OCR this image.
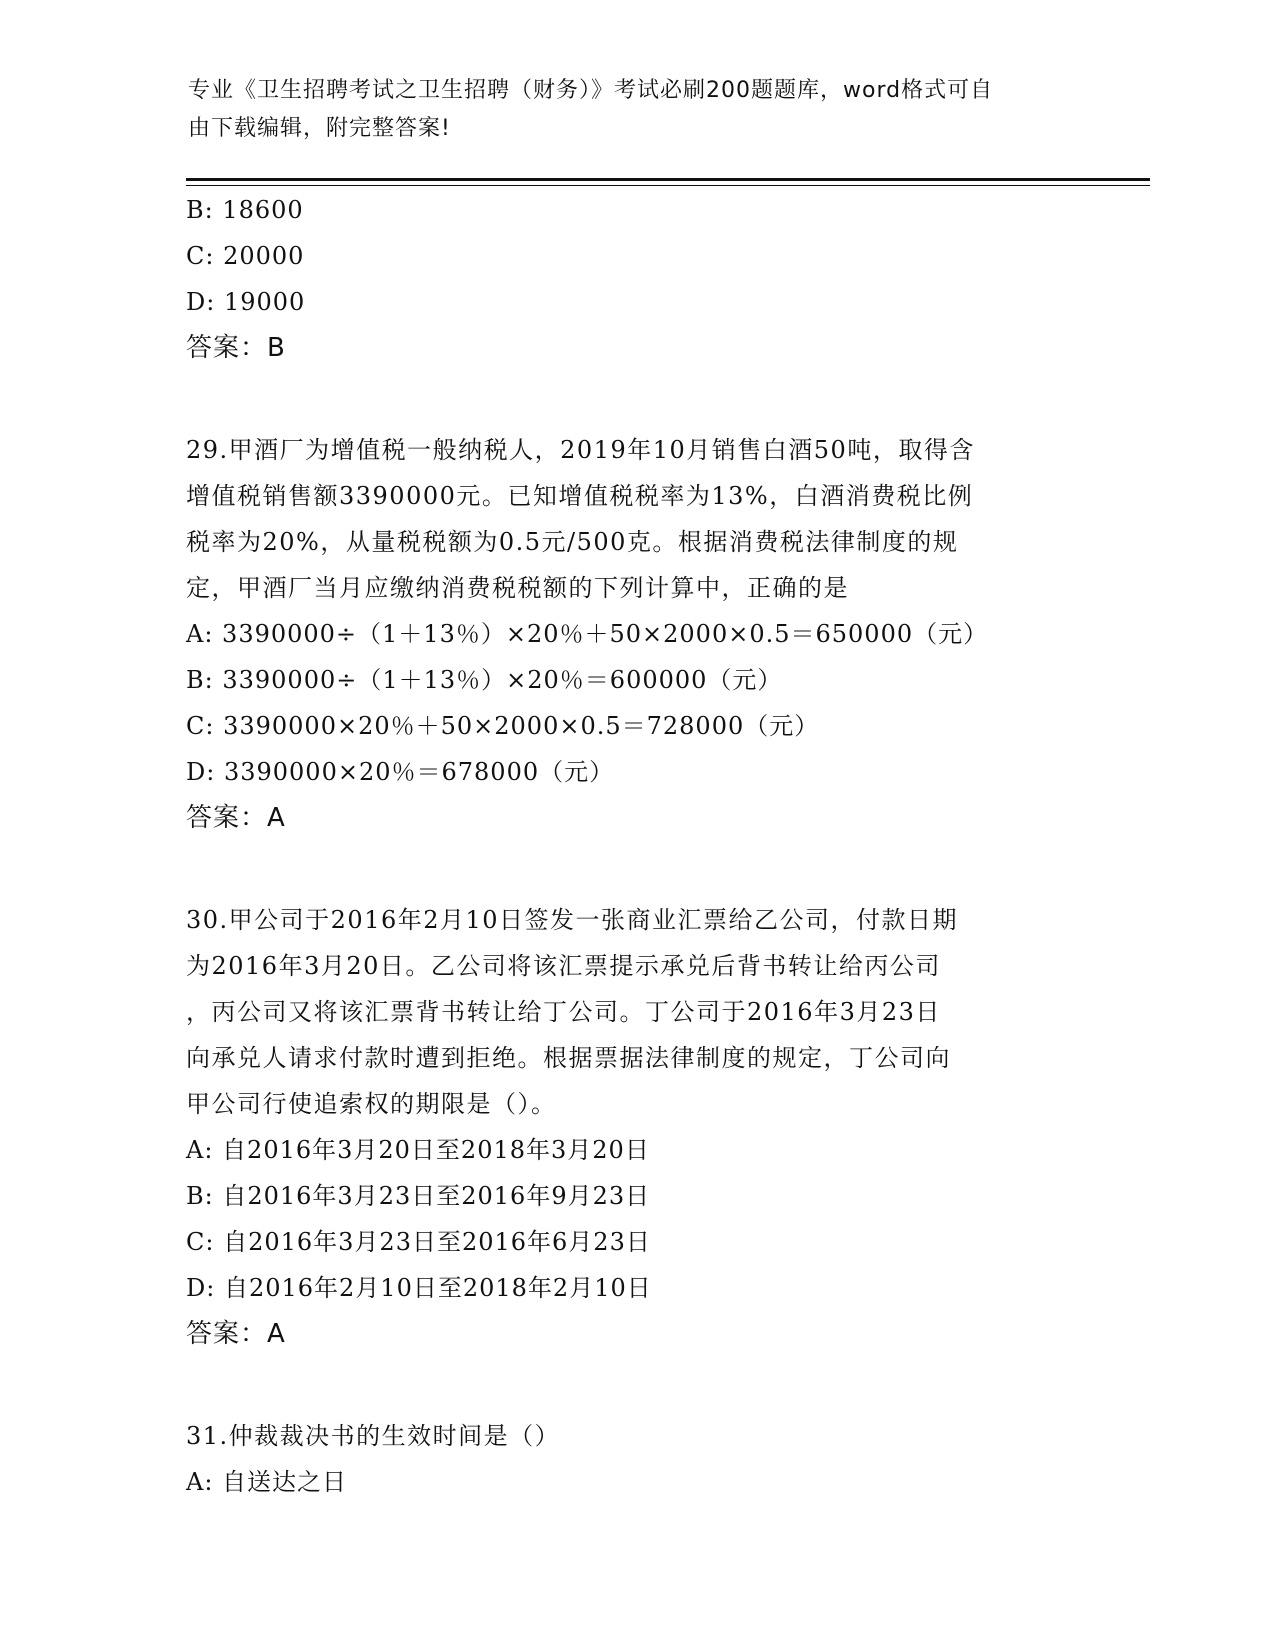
专业《卫生招聘考试之卫生招聘（财务）》考试必刷200题题库，word格式可自
由下载编辑，附完整答案!
B: 18600
C: 20000
D: 19000
答案：B
29.甲酒厂为增值税一般纳税人，2019年10月销售白酒50吨，取得含
增值税销售额3390000元。已知增值税税率为13%，白酒消费税比例
税率为20%，从量税税额为0.5元/500克。根据消费税法律制度的规
定，甲酒厂当月应缴纳消费税税额的下列计算中，正确的是
A: 3390000÷（1＋13％）×20％＋50×2000×0.5＝650000（元）
B: 3390000÷（1＋13％）×20％＝600000（元）
C: 3390000×20％＋50×2000×0.5＝728000（元）
D: 3390000×20％＝678000（元）
答案：A
30.甲公司于2016年2月10日签发一张商业汇票给乙公司，付款日期
为2016年3月20日。乙公司将该汇票提示承兑后背书转让给丙公司
，丙公司又将该汇票背书转让给丁公司。丁公司于2016年3月23日
向承兑人请求付款时遭到拒绝。根据票据法律制度的规定，丁公司向
甲公司行使追索权的期限是（）。
A: 自2016年3月20日至2018年3月20日
B: 自2016年3月23日至2016年9月23日
C: 自2016年3月23日至2016年6月23日
D: 自2016年2月10日至2018年2月10日
答案：A
31.仲裁裁决书的生效时间是（）
A: 自送达之日
